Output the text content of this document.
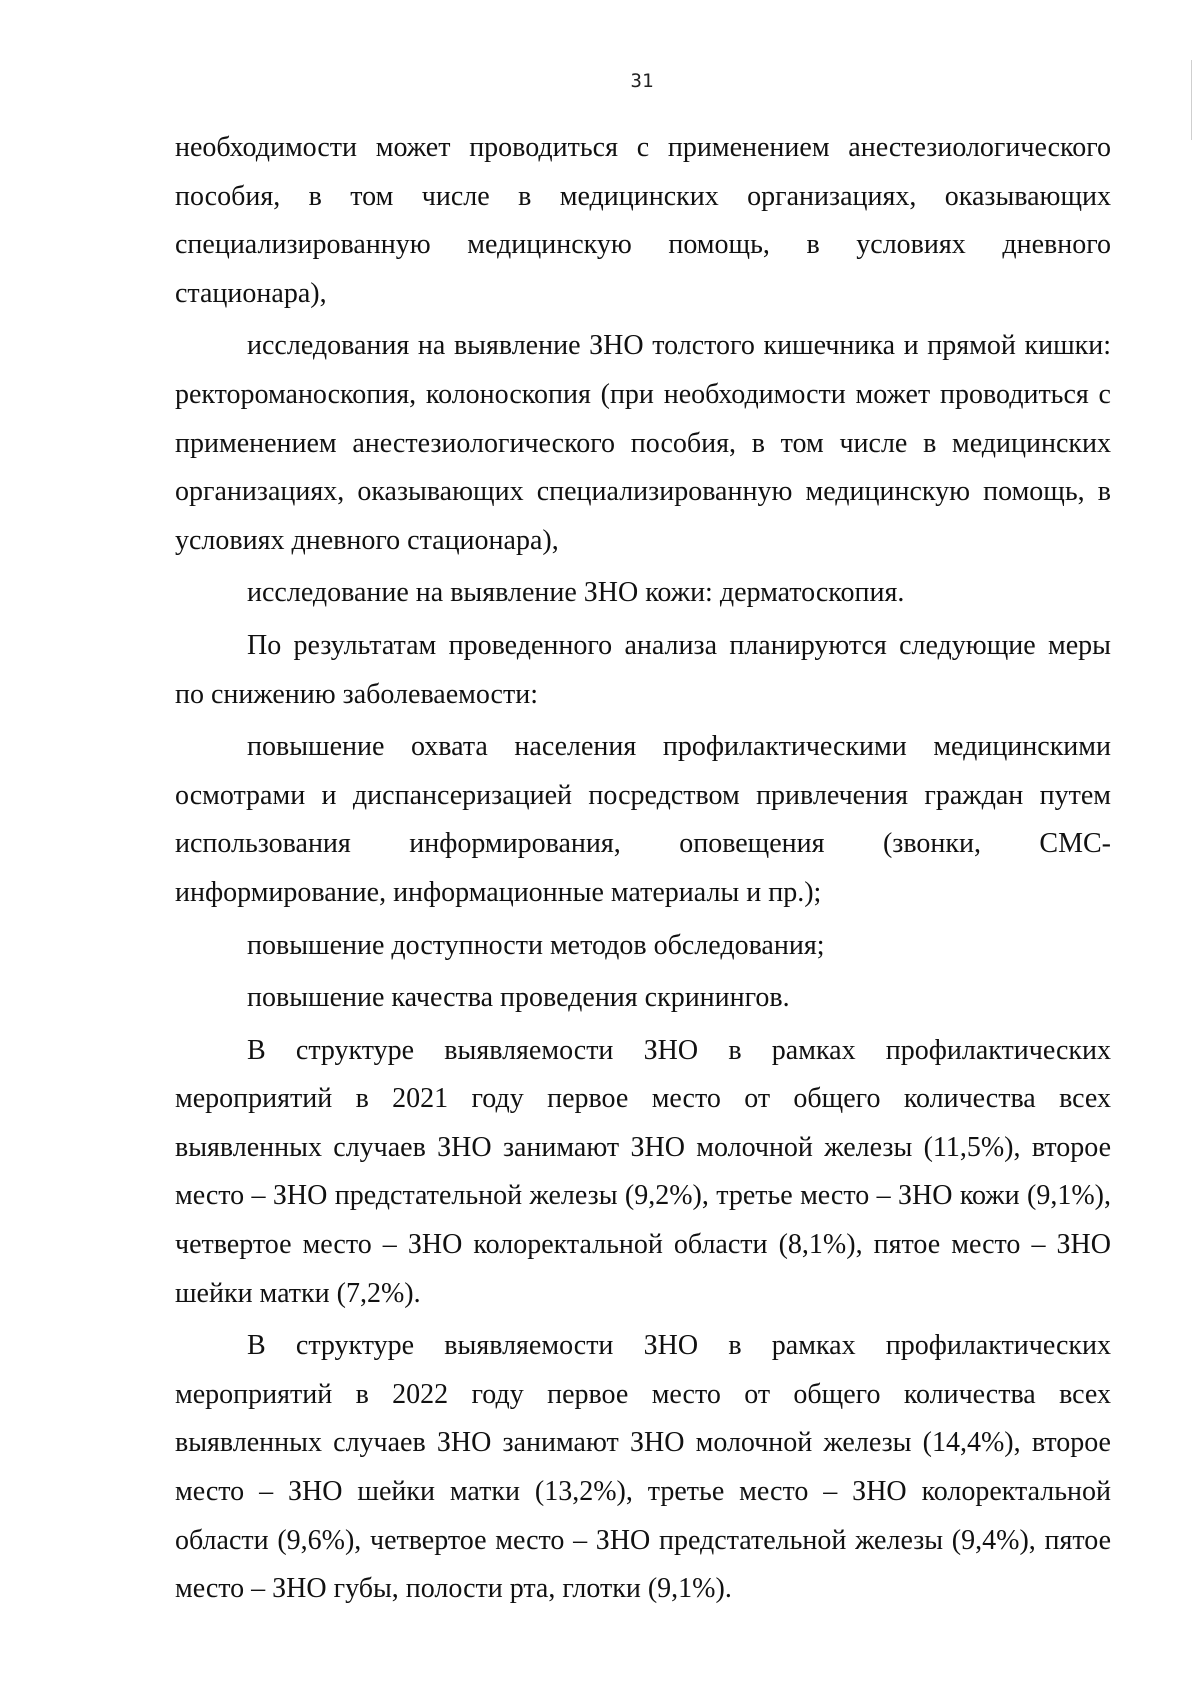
31

необходимости может проводиться с применением анестезиологического пособия, в том числе в медицинских организациях, оказывающих специализированную медицинскую помощь, в условиях дневного стационара),

исследования на выявление ЗНО толстого кишечника и прямой кишки: ректороманоскопия, колоноскопия (при необходимости может проводиться с применением анестезиологического пособия, в том числе в медицинских организациях, оказывающих специализированную медицинскую помощь, в условиях дневного стационара),

исследование на выявление ЗНО кожи: дерматоскопия.

По результатам проведенного анализа планируются следующие меры по снижению заболеваемости:

повышение охвата населения профилактическими медицинскими осмотрами и диспансеризацией посредством привлечения граждан путем использования информирования, оповещения (звонки, СМС-информирование, информационные материалы и пр.);

повышение доступности методов обследования;

повышение качества проведения скринингов.

В структуре выявляемости ЗНО в рамках профилактических мероприятий в 2021 году первое место от общего количества всех выявленных случаев ЗНО занимают ЗНО молочной железы (11,5%), второе место – ЗНО предстательной железы (9,2%), третье место – ЗНО кожи (9,1%), четвертое место – ЗНО колоректальной области (8,1%), пятое место – ЗНО шейки матки (7,2%).

В структуре выявляемости ЗНО в рамках профилактических мероприятий в 2022 году первое место от общего количества всех выявленных случаев ЗНО занимают ЗНО молочной железы (14,4%), второе место – ЗНО шейки матки (13,2%), третье место – ЗНО колоректальной области (9,6%), четвертое место – ЗНО предстательной железы (9,4%), пятое место – ЗНО губы, полости рта, глотки (9,1%).
